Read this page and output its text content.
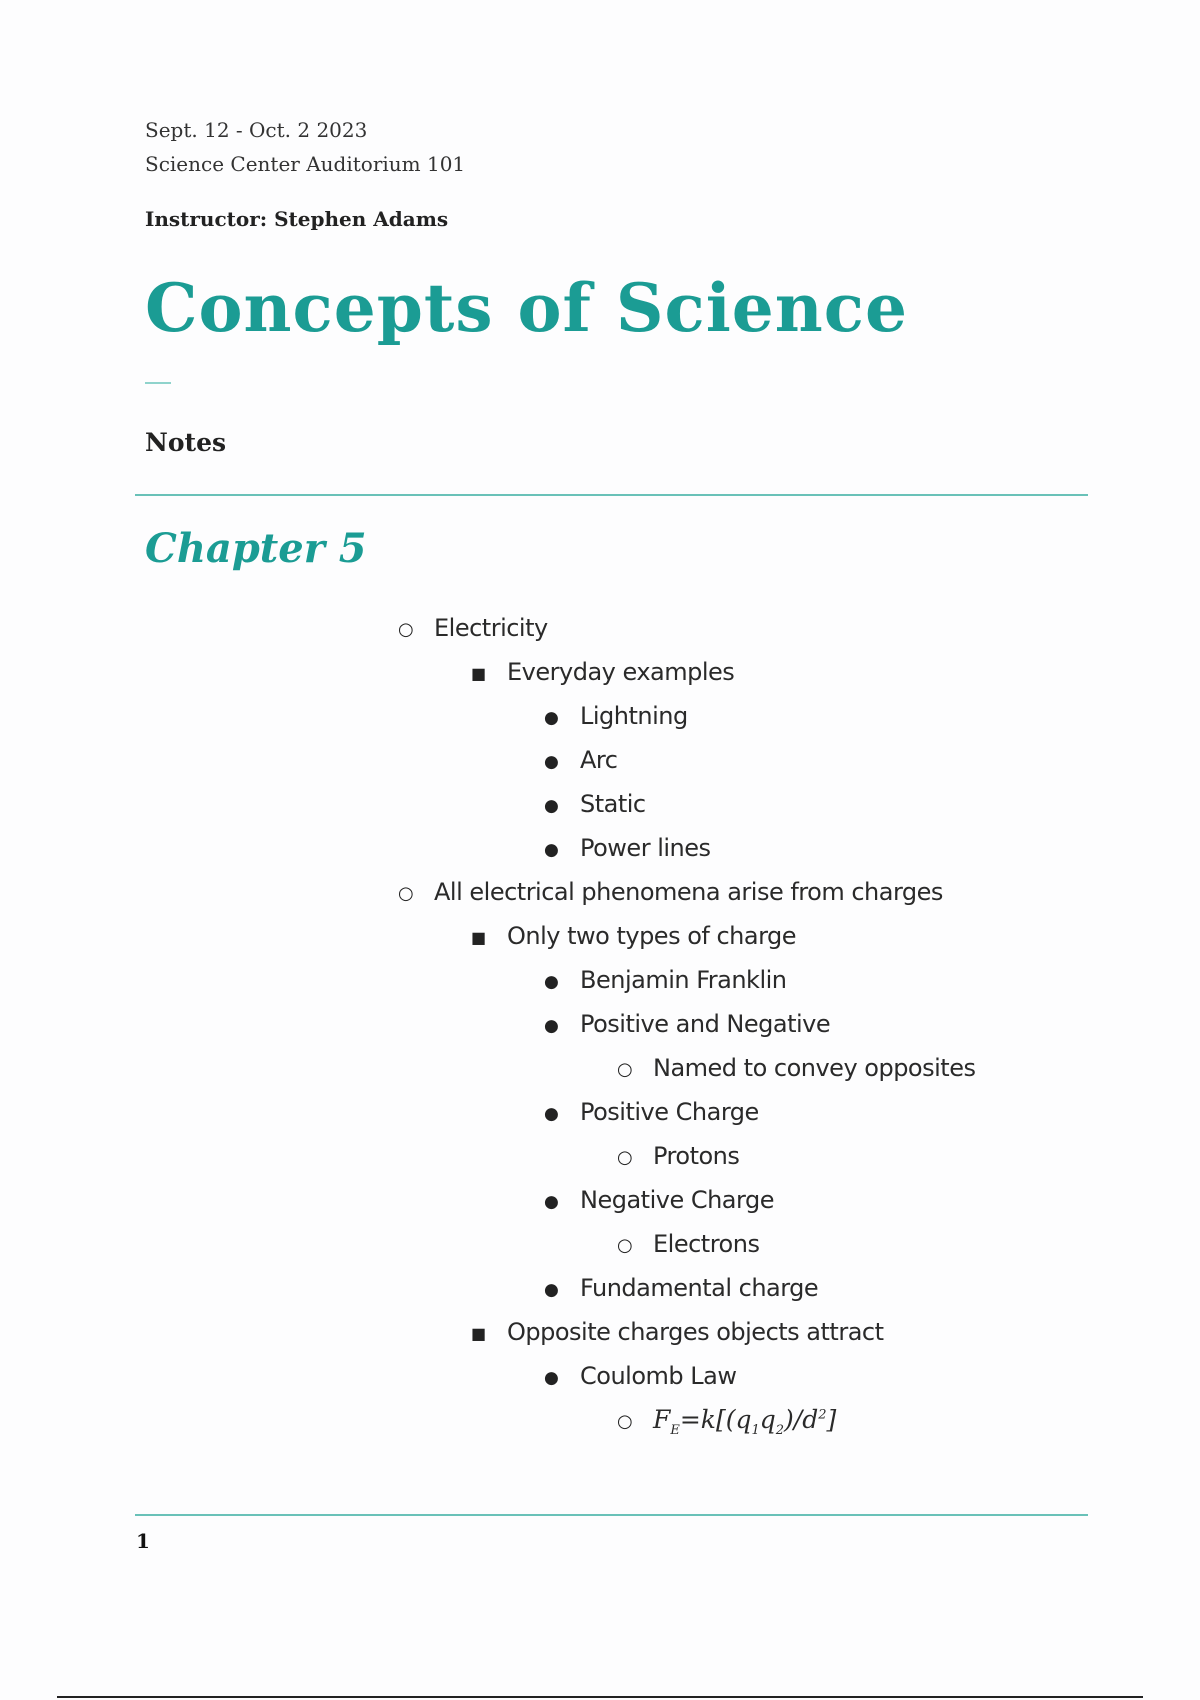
Sept. 12 - Oct. 2 2023

Science Center Auditorium 101

Instructor: Stephen Adams

Concepts of Science
Notes
Chapter 5
○Electricity
■Everyday examples
●Lightning
●Arc
●Static
●Power lines
○All electrical phenomena arise from charges
■Only two types of charge
●Benjamin Franklin
●Positive and Negative
○Named to convey opposites
●Positive Charge
○Protons
●Negative Charge
○Electrons
●Fundamental charge
■Opposite charges objects attract
●Coulomb Law
$○F_E=k[(q_1q_2)/d^2]$

1
